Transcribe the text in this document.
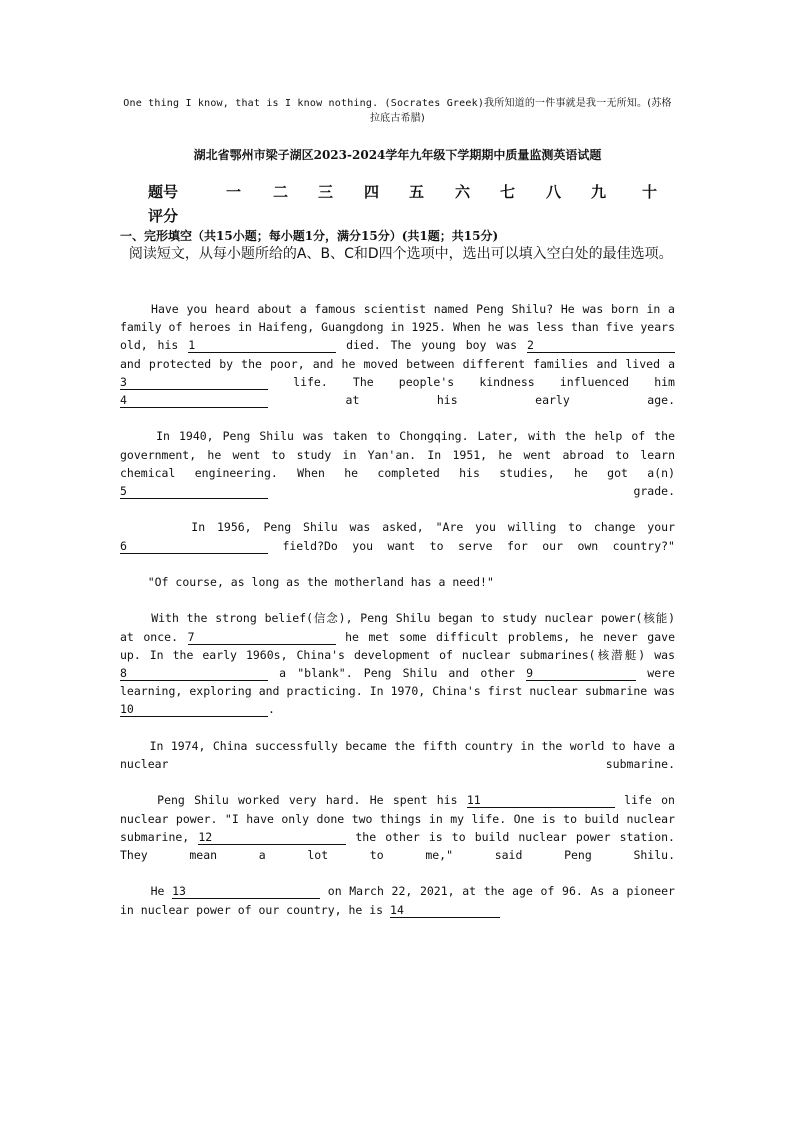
One thing I know, that is I know nothing. (Socrates Greek)我所知道的一件事就是我一无所知。(苏格拉底古希腊)
湖北省鄂州市梁子湖区2023-2024学年九年级下学期期中质量监测英语试题
题号	一 二 三 四 五 六 七 八 九 十
评分
一、完形填空（共15小题；每小题1分，满分15分）(共1题；共15分)
阅读短文，从每小题所给的A、B、C和D四个选项中，选出可以填入空白处的最佳选项。

Have you heard about a famous scientist named Peng Shilu? He was born in a family of heroes in Haifeng, Guangdong in 1925. When he was less than five years old, his 1	died. The young boy was 2 and protected by the poor, and he moved between different families and lived a3	life. The people's kindness influenced him 4	at his early age.

In 1940, Peng Shilu was taken to Chongqing. Later, with the help of the government, he went to study in Yan'an. In 1951, he went abroad to learn chemical engineering. When he completed his studies, he got a(n) 5	grade.

In 1956, Peng Shilu was asked, "Are you willing to change your 6	field?Do you want to serve for our own country?"

"Of course, as long as the motherland has a need!"

With the strong belief(信念), Peng Shilu began to study nuclear power(核能) at once. 7	he met some difficult problems, he never gave up. In the early 1960s, China's development of nuclear submarines(核潜艇) was 8	a "blank". Peng Shilu and other 9	were learning, exploring and practicing. In 1970, China's first nuclear submarine was10	.

In 1974, China successfully became the fifth country in the world to have a nuclear submarine.

Peng Shilu worked very hard. He spent his 11	life on nuclear power. "I have only done two things in my life. One is to build nuclear submarine, 12	the other is to build nuclear power station. They mean a lot to me," said Peng Shilu.

He 13	on March 22, 2021, at the age of 96. As a pioneer in nuclear power of our country, he is 14
